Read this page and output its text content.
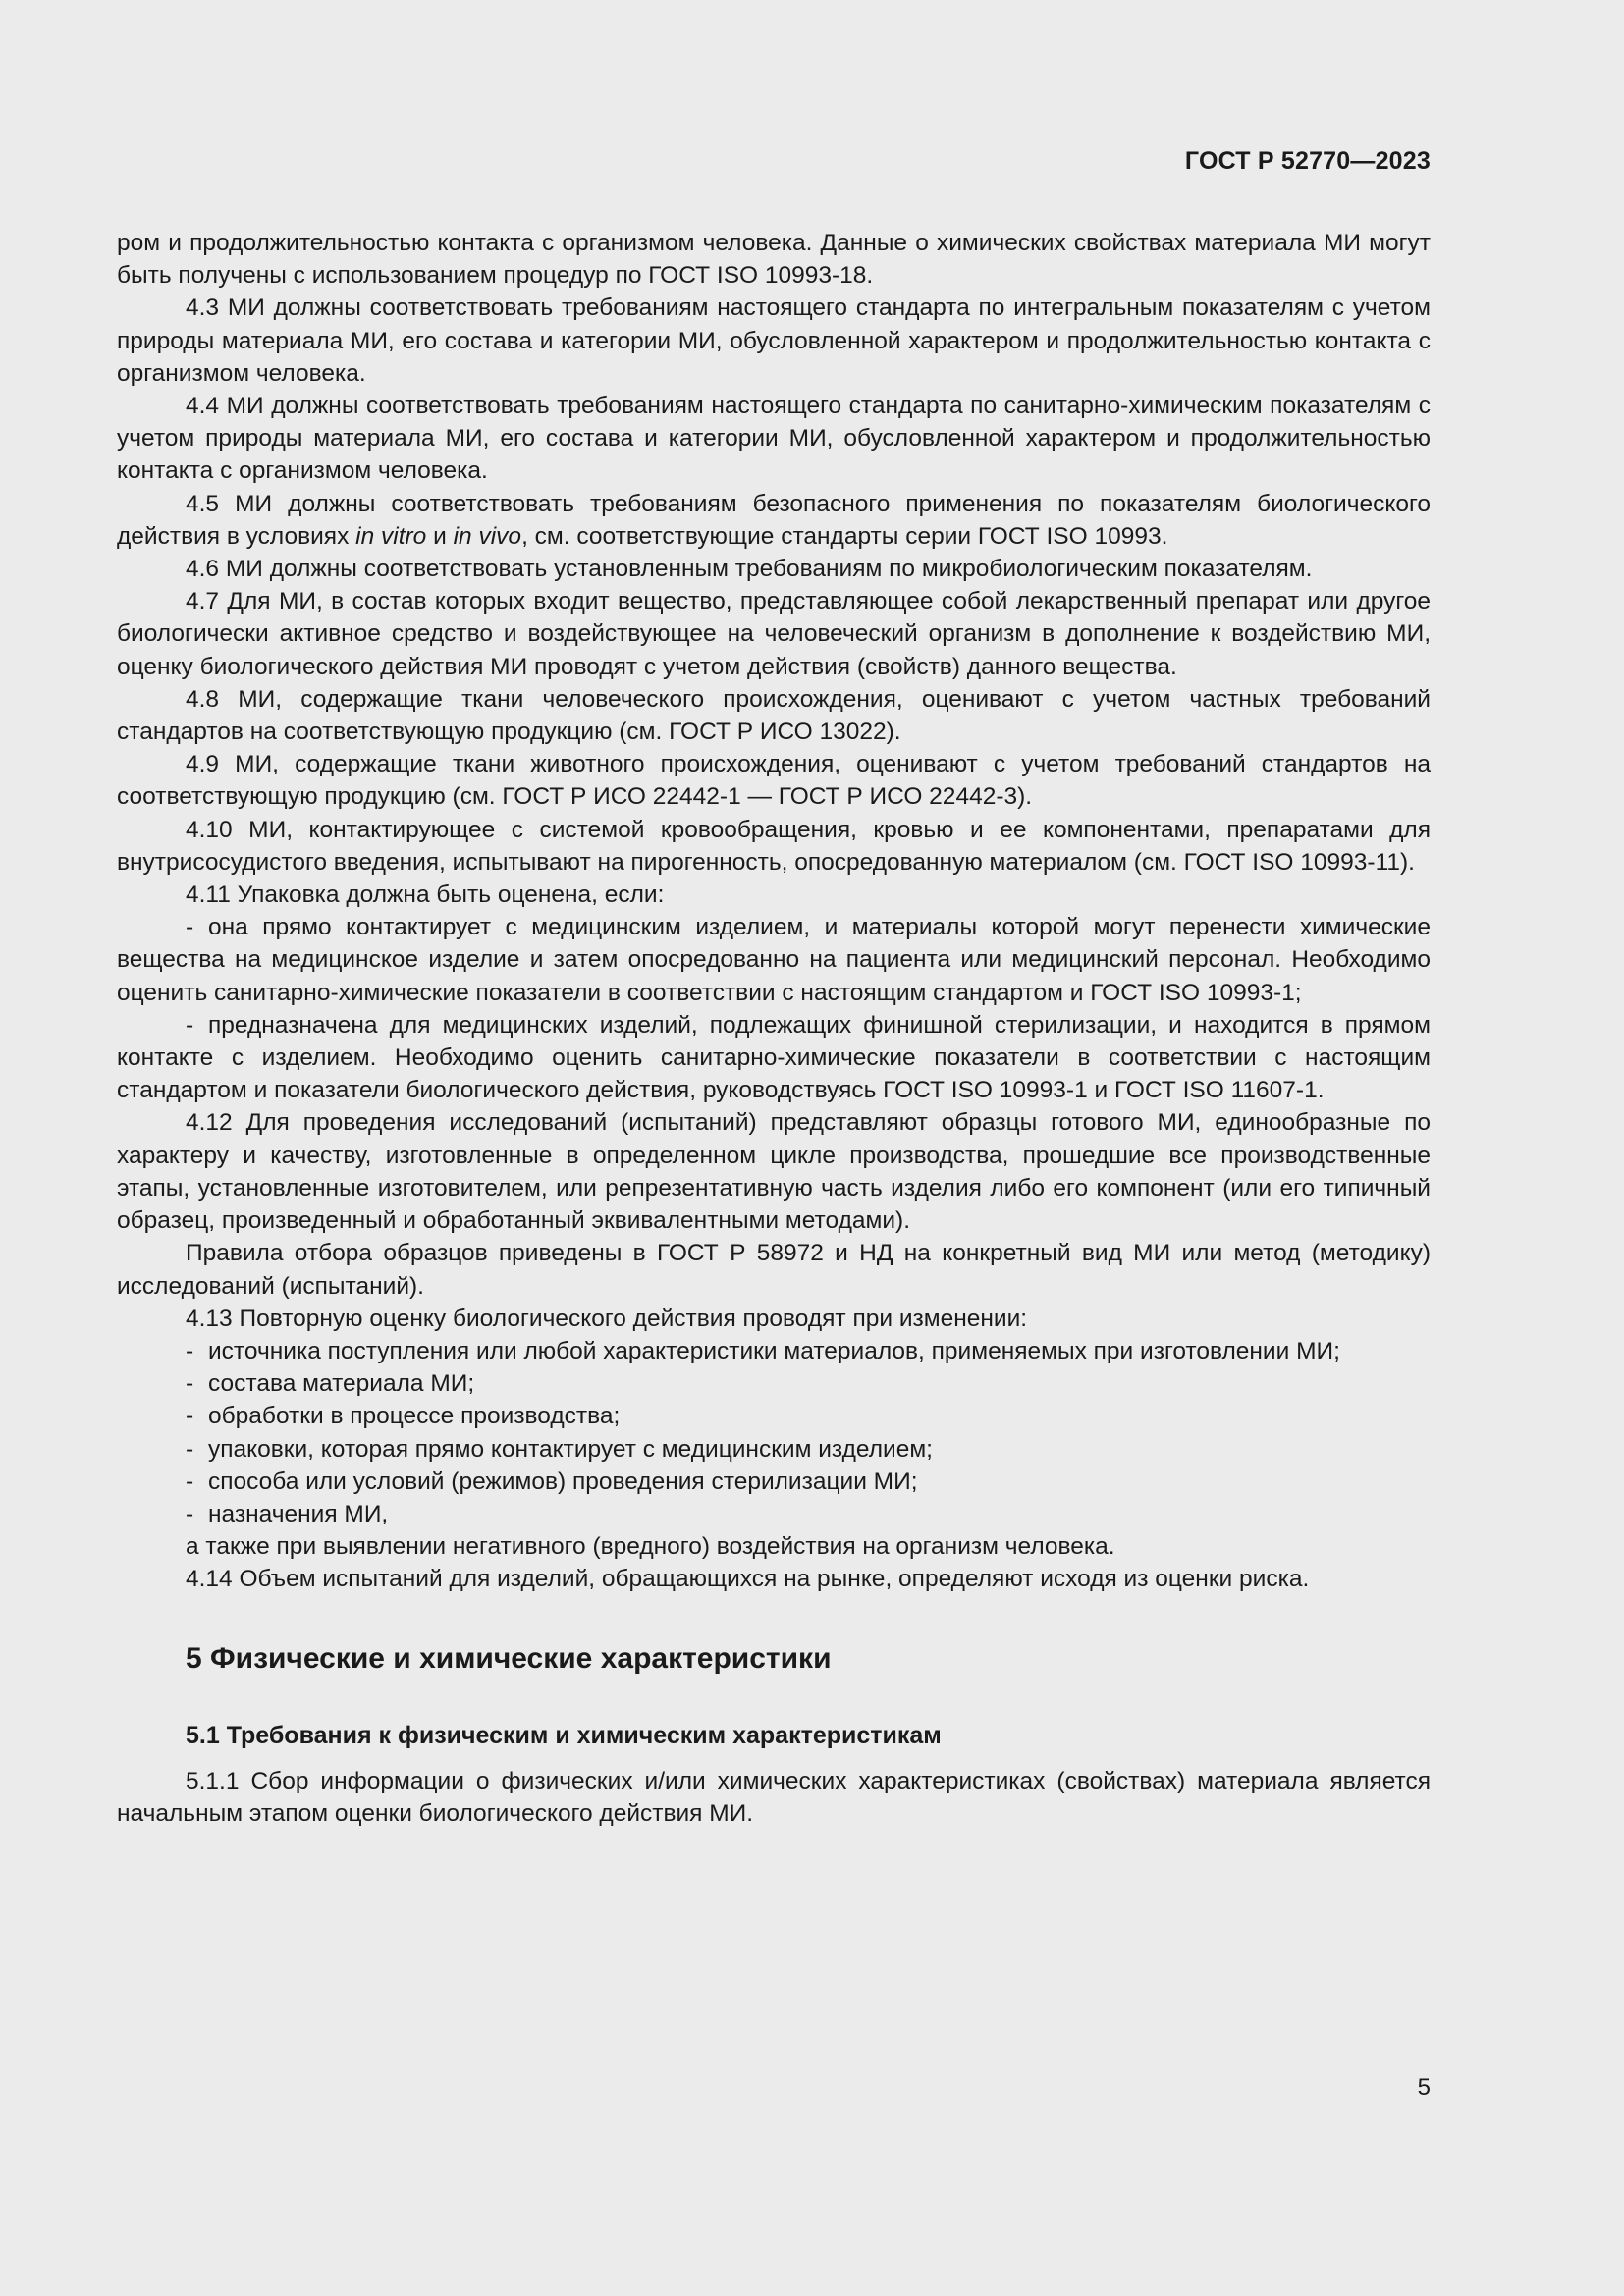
ГОСТ Р 52770—2023

ром и продолжительностью контакта с организмом человека. Данные о химических свойствах материала МИ могут быть получены с использованием процедур по ГОСТ ISO 10993-18.

4.3 МИ должны соответствовать требованиям настоящего стандарта по интегральным показателям с учетом природы материала МИ, его состава и категории МИ, обусловленной характером и продолжительностью контакта с организмом человека.

4.4 МИ должны соответствовать требованиям настоящего стандарта по санитарно-химическим показателям с учетом природы материала МИ, его состава и категории МИ, обусловленной характером и продолжительностью контакта с организмом человека.

4.5 МИ должны соответствовать требованиям безопасного применения по показателям биологического действия в условиях in vitro и in vivo, см. соответствующие стандарты серии ГОСТ ISO 10993.

4.6 МИ должны соответствовать установленным требованиям по микробиологическим показателям.

4.7 Для МИ, в состав которых входит вещество, представляющее собой лекарственный препарат или другое биологически активное средство и воздействующее на человеческий организм в дополнение к воздействию МИ, оценку биологического действия МИ проводят с учетом действия (свойств) данного вещества.

4.8 МИ, содержащие ткани человеческого происхождения, оценивают с учетом частных требований стандартов на соответствующую продукцию (см. ГОСТ Р ИСО 13022).

4.9 МИ, содержащие ткани животного происхождения, оценивают с учетом требований стандартов на соответствующую продукцию (см. ГОСТ Р ИСО 22442-1 — ГОСТ Р ИСО 22442-3).

4.10 МИ, контактирующее с системой кровообращения, кровью и ее компонентами, препаратами для внутрисосудистого введения, испытывают на пирогенность, опосредованную материалом (см. ГОСТ ISO 10993-11).

4.11 Упаковка должна быть оценена, если:

- она прямо контактирует с медицинским изделием, и материалы которой могут перенести химические вещества на медицинское изделие и затем опосредованно на пациента или медицинский персонал. Необходимо оценить санитарно-химические показатели в соответствии с настоящим стандартом и ГОСТ ISO 10993-1;

- предназначена для медицинских изделий, подлежащих финишной стерилизации, и находится в прямом контакте с изделием. Необходимо оценить санитарно-химические показатели в соответствии с настоящим стандартом и показатели биологического действия, руководствуясь ГОСТ ISO 10993-1 и ГОСТ ISO 11607-1.

4.12 Для проведения исследований (испытаний) представляют образцы готового МИ, единообразные по характеру и качеству, изготовленные в определенном цикле производства, прошедшие все производственные этапы, установленные изготовителем, или репрезентативную часть изделия либо его компонент (или его типичный образец, произведенный и обработанный эквивалентными методами).

Правила отбора образцов приведены в ГОСТ Р 58972 и НД на конкретный вид МИ или метод (методику) исследований (испытаний).

4.13 Повторную оценку биологического действия проводят при изменении:

- источника поступления или любой характеристики материалов, применяемых при изготовлении МИ;

- состава материала МИ;

- обработки в процессе производства;

- упаковки, которая прямо контактирует с медицинским изделием;

- способа или условий (режимов) проведения стерилизации МИ;

- назначения МИ,

а также при выявлении негативного (вредного) воздействия на организм человека.

4.14 Объем испытаний для изделий, обращающихся на рынке, определяют исходя из оценки риска.

5 Физические и химические характеристики
5.1 Требования к физическим и химическим характеристикам

5.1.1 Сбор информации о физических и/или химических характеристиках (свойствах) материала является начальным этапом оценки биологического действия МИ.

5
